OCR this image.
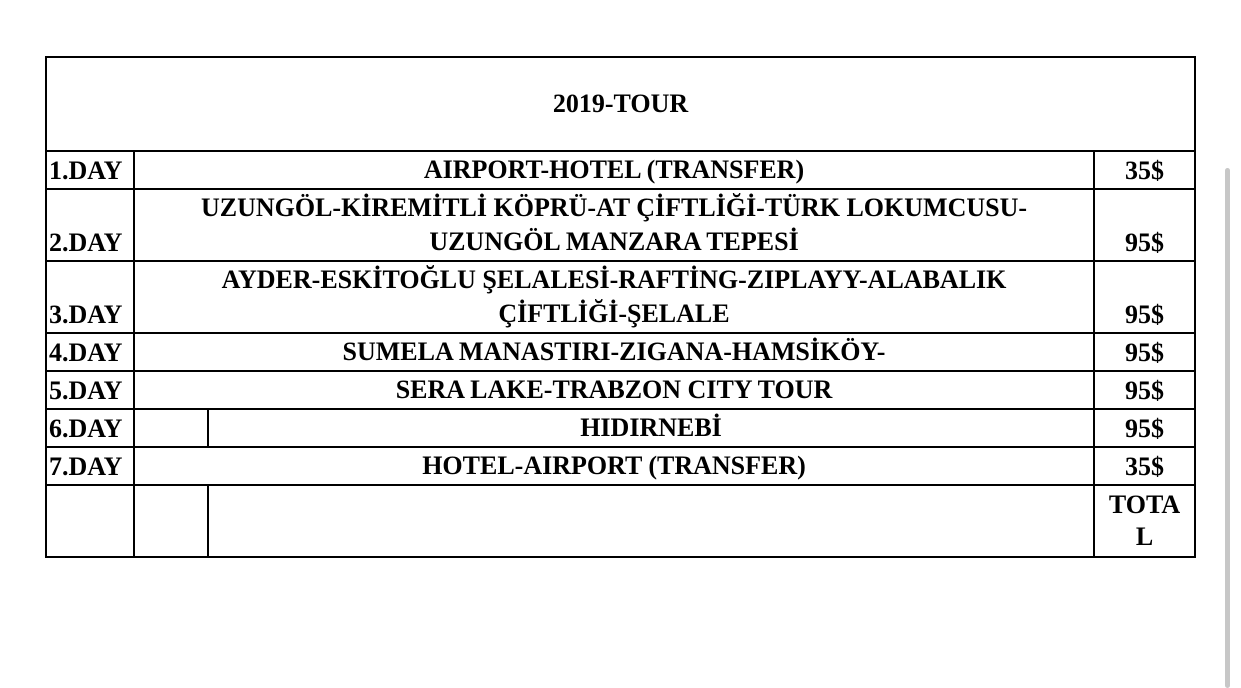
2019-TOUR			
1.DAY	AIRPORT-HOTEL (TRANSFER)		35$
2.DAY	UZUNGÖL-KİREMİTLİ KÖPRÜ-AT ÇİFTLİĞİ-TÜRK LOKUMCUSU-
UZUNGÖL MANZARA TEPESİ		95$
3.DAY	AYDER-ESKİTOĞLU ŞELALESİ-RAFTİNG-ZIPLAYY-ALABALIK
ÇİFTLİĞİ-ŞELALE		95$
4.DAY	SUMELA MANASTIRI-ZIGANA-HAMSİKÖY-		95$
5.DAY	SERA LAKE-TRABZON CITY TOUR		95$
6.DAY		HIDIRNEBİ	95$
7.DAY	HOTEL-AIRPORT (TRANSFER)		35$

			TOTA
L
